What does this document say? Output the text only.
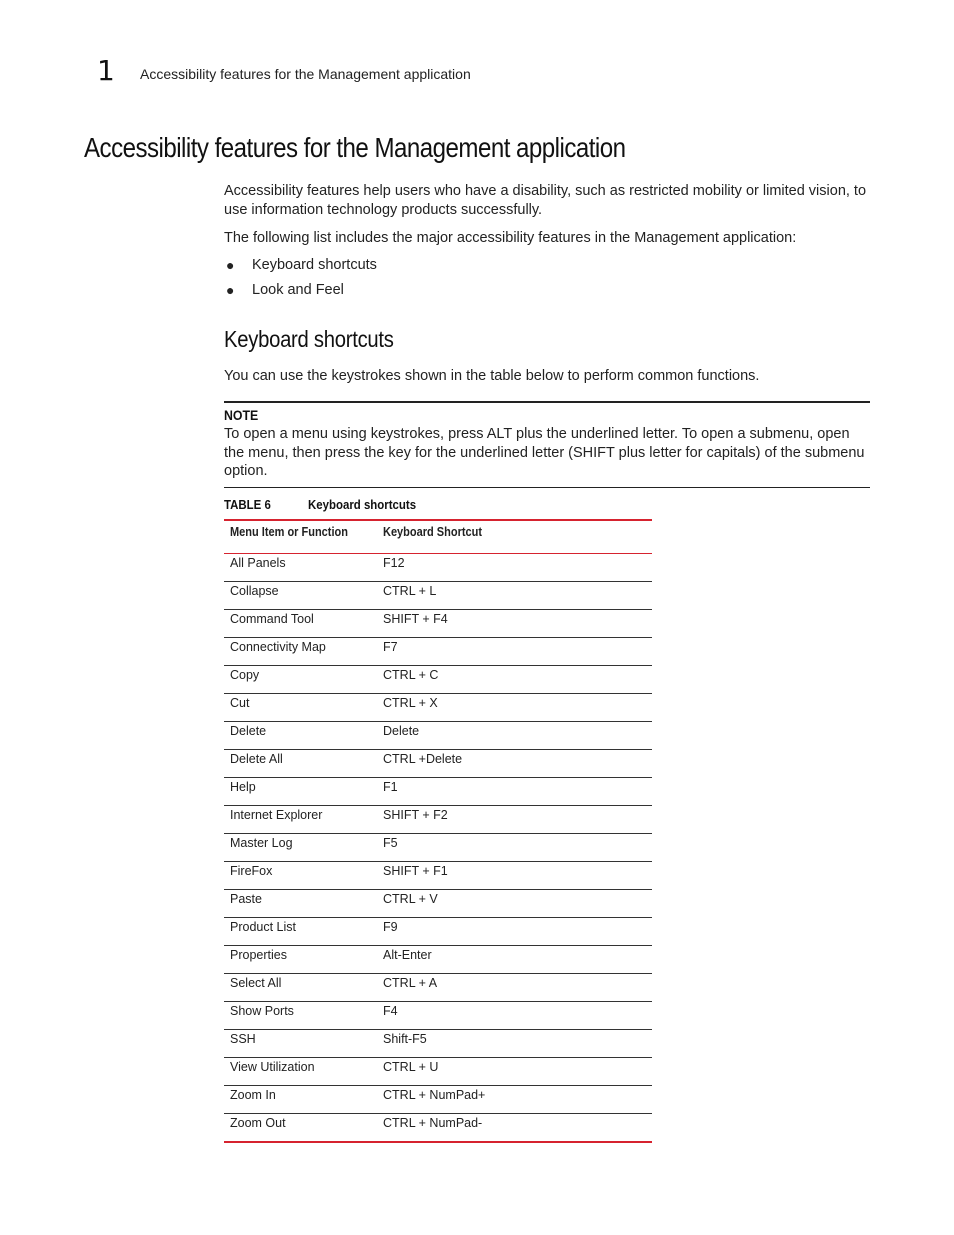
1 Accessibility features for the Management application
Accessibility features for the Management application
Accessibility features help users who have a disability, such as restricted mobility or limited vision, to use information technology products successfully.
The following list includes the major accessibility features in the Management application:
● Keyboard shortcuts
● Look and Feel
Keyboard shortcuts
You can use the keystrokes shown in the table below to perform common functions.
NOTE
To open a menu using keystrokes, press ALT plus the underlined letter. To open a submenu, open the menu, then press the key for the underlined letter (SHIFT plus letter for capitals) of the submenu option.
TABLE 6	Keyboard shortcuts
Menu Item or Function	Keyboard Shortcut
All Panels	F12
Collapse	CTRL + L
Command Tool	SHIFT + F4
Connectivity Map	F7
Copy	CTRL + C
Cut	CTRL + X
Delete	Delete
Delete All	CTRL +Delete
Help	F1
Internet Explorer	SHIFT + F2
Master Log	F5
FireFox	SHIFT + F1
Paste	CTRL + V
Product List	F9
Properties	Alt-Enter
Select All	CTRL + A
Show Ports	F4
SSH	Shift-F5
View Utilization	CTRL + U
Zoom In	CTRL + NumPad+
Zoom Out	CTRL + NumPad-
